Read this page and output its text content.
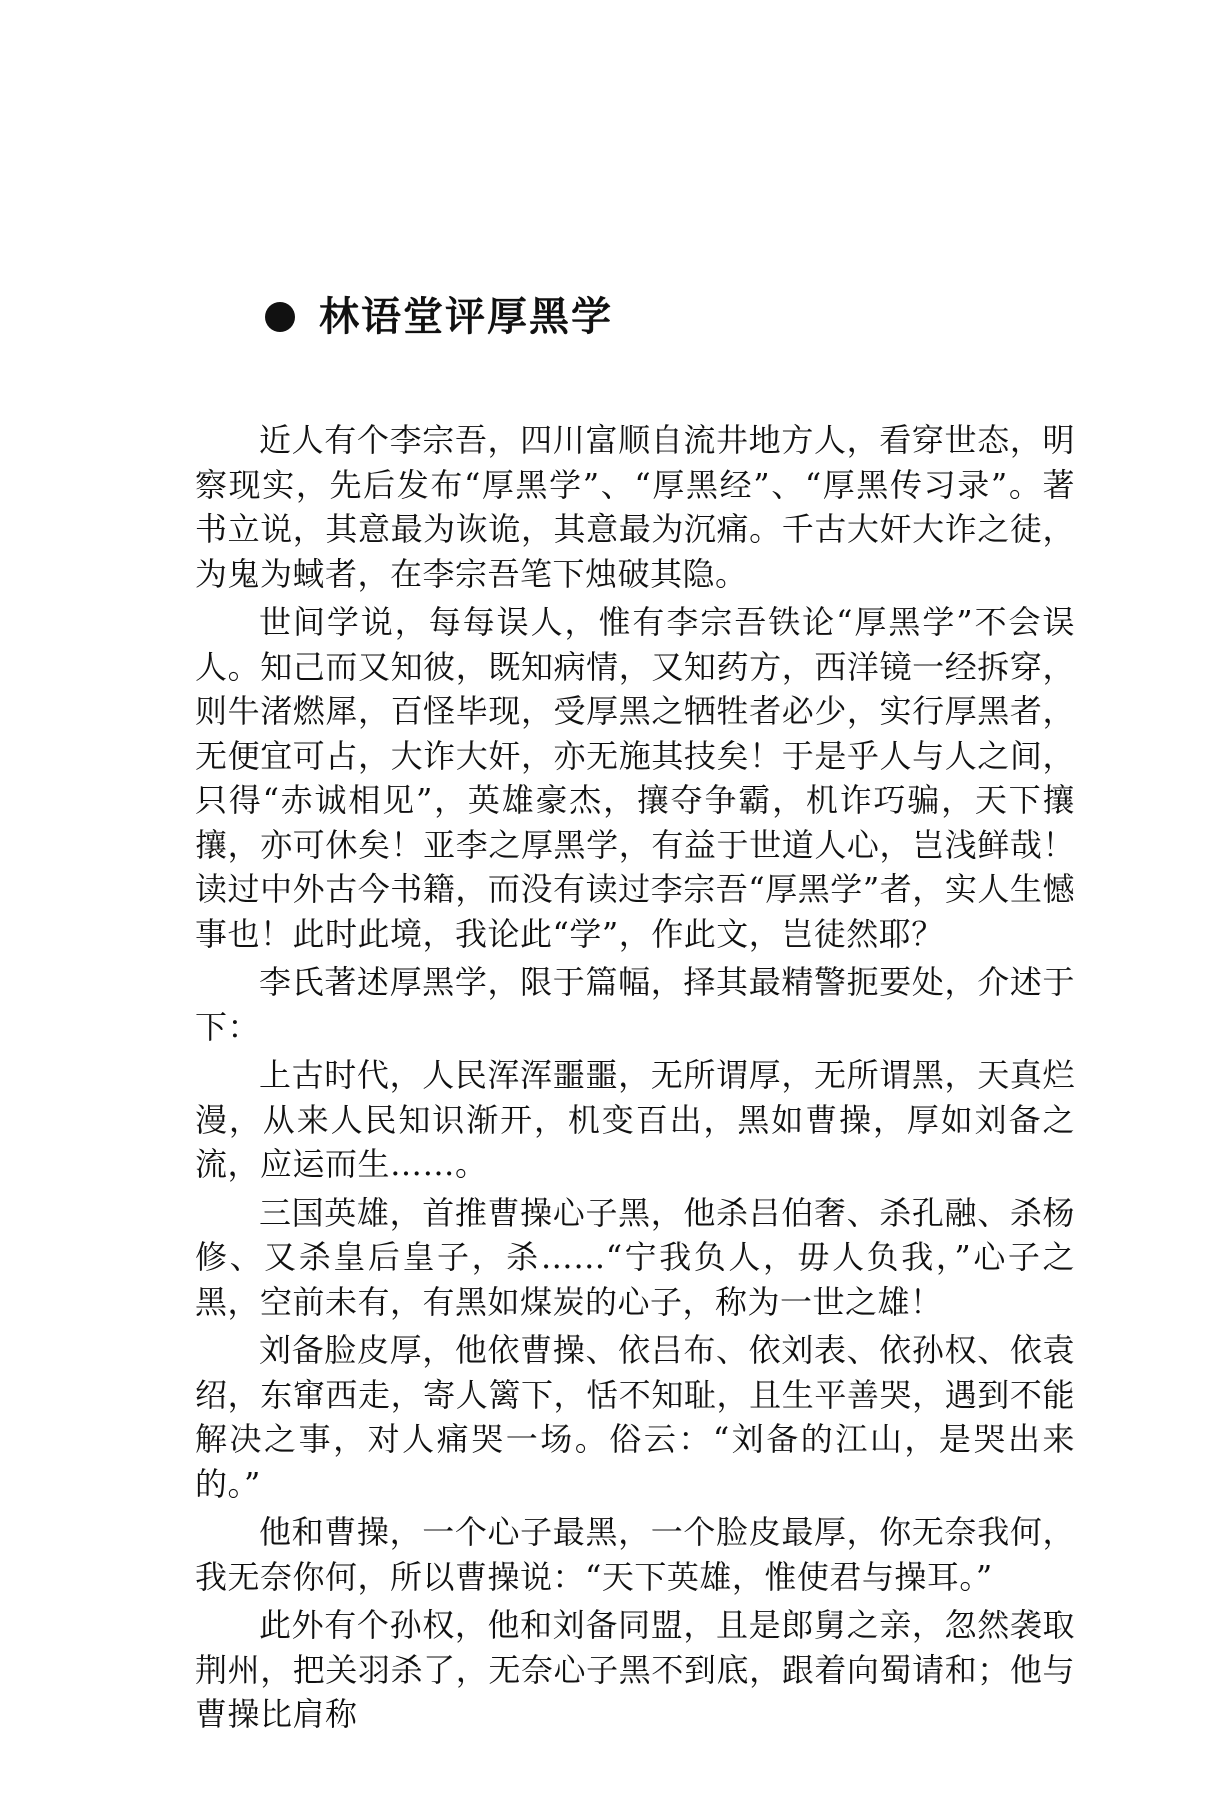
林语堂评厚黑学

近人有个李宗吾，四川富顺自流井地方人，看穿世态，明察现实，先后发布“厚黑学”、“厚黑经”、“厚黑传习录”。著书立说，其意最为诙诡，其意最为沉痛。千古大奸大诈之徒，为鬼为蜮者，在李宗吾笔下烛破其隐。

世间学说，每每误人，惟有李宗吾铁论“厚黑学”不会误人。知己而又知彼，既知病情，又知药方，西洋镜一经拆穿，则牛渚燃犀，百怪毕现，受厚黑之牺牲者必少，实行厚黑者，无便宜可占，大诈大奸，亦无施其技矣！于是乎人与人之间，只得“赤诚相见”，英雄豪杰，攘夺争霸，机诈巧骗，天下攘攘，亦可休矣！亚李之厚黑学，有益于世道人心，岂浅鲜哉！读过中外古今书籍，而没有读过李宗吾“厚黑学”者，实人生憾事也！此时此境，我论此“学”，作此文，岂徒然耶？

李氏著述厚黑学，限于篇幅，择其最精警扼要处，介述于下：

上古时代，人民浑浑噩噩，无所谓厚，无所谓黑，天真烂漫，从来人民知识渐开，机变百出，黑如曹操，厚如刘备之流，应运而生……。

三国英雄，首推曹操心子黑，他杀吕伯奢、杀孔融、杀杨修、又杀皇后皇子，杀……“宁我负人，毋人负我，”心子之黑，空前未有，有黑如煤炭的心子，称为一世之雄！

刘备脸皮厚，他依曹操、依吕布、依刘表、依孙权、依袁绍，东窜西走，寄人篱下，恬不知耻，且生平善哭，遇到不能解决之事，对人痛哭一场。俗云：“刘备的江山，是哭出来的。”

他和曹操，一个心子最黑，一个脸皮最厚，你无奈我何，我无奈你何，所以曹操说：“天下英雄，惟使君与操耳。”

此外有个孙权，他和刘备同盟，且是郎舅之亲，忽然袭取荆州，把关羽杀了，无奈心子黑不到底，跟着向蜀请和；他与曹操比肩称
